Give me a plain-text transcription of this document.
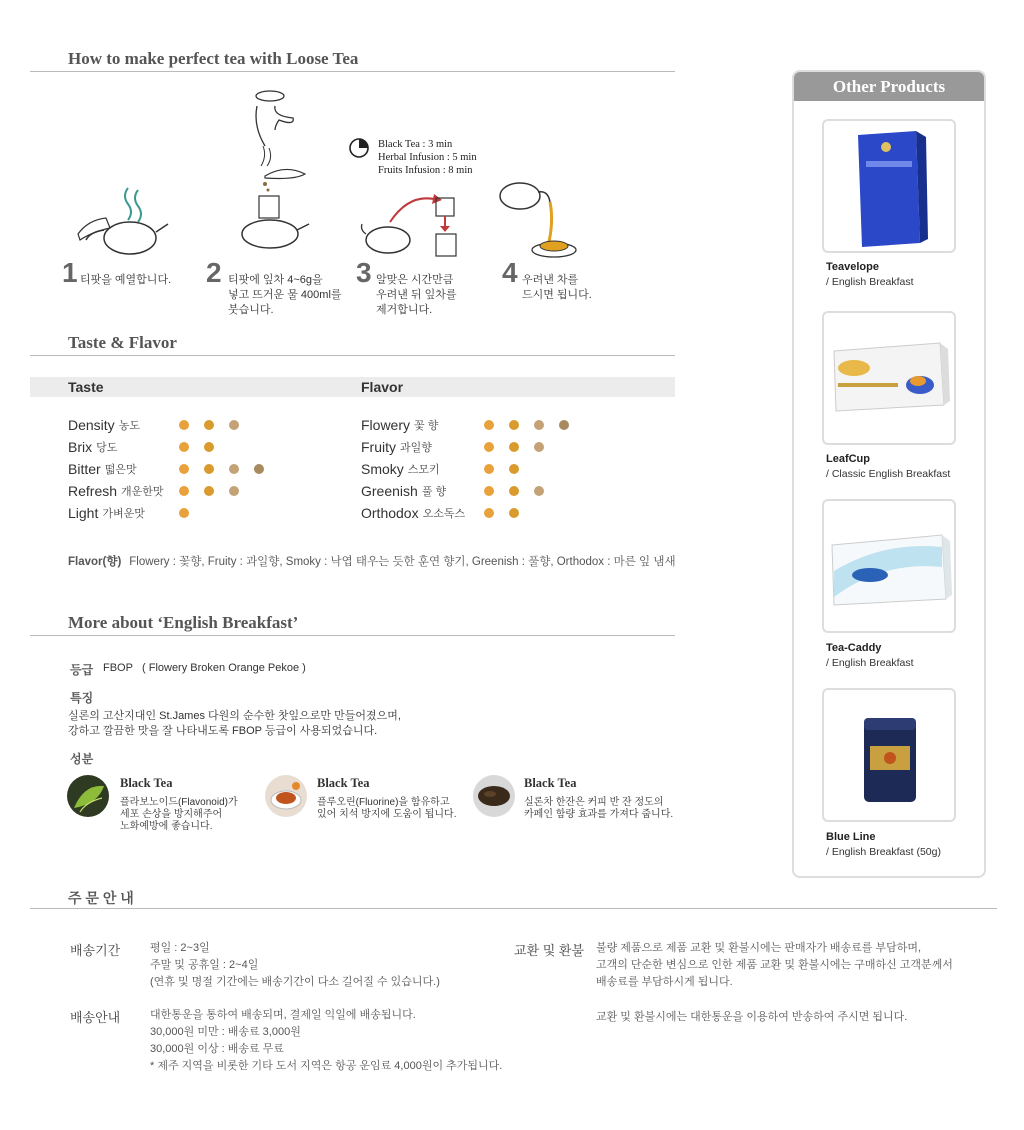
How to make perfect tea with Loose Tea
Black Tea : 3 min
Herbal Infusion : 5 min
Fruits Infusion : 8 min
1 티팟을 예열합니다. 2 티팟에 잎차 4~6g을
넣고 뜨거운 물 400ml를
붓습니다.
3 알맞은 시간만큼
우려낸 뒤 잎차를
제거합니다.
4 우려낸 차를
드시면 됩니다.
Taste & Flavor
Taste	Flavor
Density 농도
Brix 당도
Bitter 떫은맛
Refresh 개운한맛
Light 가벼운맛
Flowery 꽃 향
Fruity 과일향
Smoky 스모키
Greenish 풀 향
Orthodox 오소독스
Flavor(향) Flowery : 꽃향, Fruity : 과일향, Smoky : 낙엽 태우는 듯한 훈연 향기, Greenish : 풀향, Orthodox : 마른 잎 냄새
More about ‘English Breakfast’
등급 FBOP ( Flowery Broken Orange Pekoe )
특징
실론의 고산지대인 St.James 다원의 순수한 찻잎으로만 만들어졌으며,
강하고 깔끔한 맛을 잘 나타내도록 FBOP 등급이 사용되었습니다.
성분
Black Tea
플라보노이드(Flavonoid)가
세포 손상을 방지해주어
노화예방에 좋습니다.
Black Tea
플루오린(Fluorine)을 함유하고
있어 치석 방지에 도움이 됩니다.
Black Tea
실론차 한잔은 커피 반 잔 정도의
카페인 함량 효과를 가져다 줍니다.
주 문 안 내
배송기간	평일 : 2~3일
주말 및 공휴일 : 2~4일
(연휴 및 명절 기간에는 배송기간이 다소 길어질 수 있습니다.)
배송안내	대한통운을 통하여 배송되며, 결제일 익일에 배송됩니다.
30,000원 미만 : 배송료 3,000원
30,000원 이상 : 배송료 무료
* 제주 지역을 비롯한 기타 도서 지역은 항공 운임료 4,000원이 추가됩니다.
교환 및 환불 불량 제품으로 제품 교환 및 환불시에는 판매자가 배송료를 부담하며,
고객의 단순한 변심으로 인한 제품 교환 및 환불시에는 구매하신 고객분께서
배송료를 부담하시게 됩니다.
교환 및 환불시에는 대한통운을 이용하여 반송하여 주시면 됩니다.
Other Products
Teavelope
/ English Breakfast
LeafCup
/ Classic English Breakfast
Tea-Caddy
/ English Breakfast
Blue Line
/ English Breakfast (50g)
